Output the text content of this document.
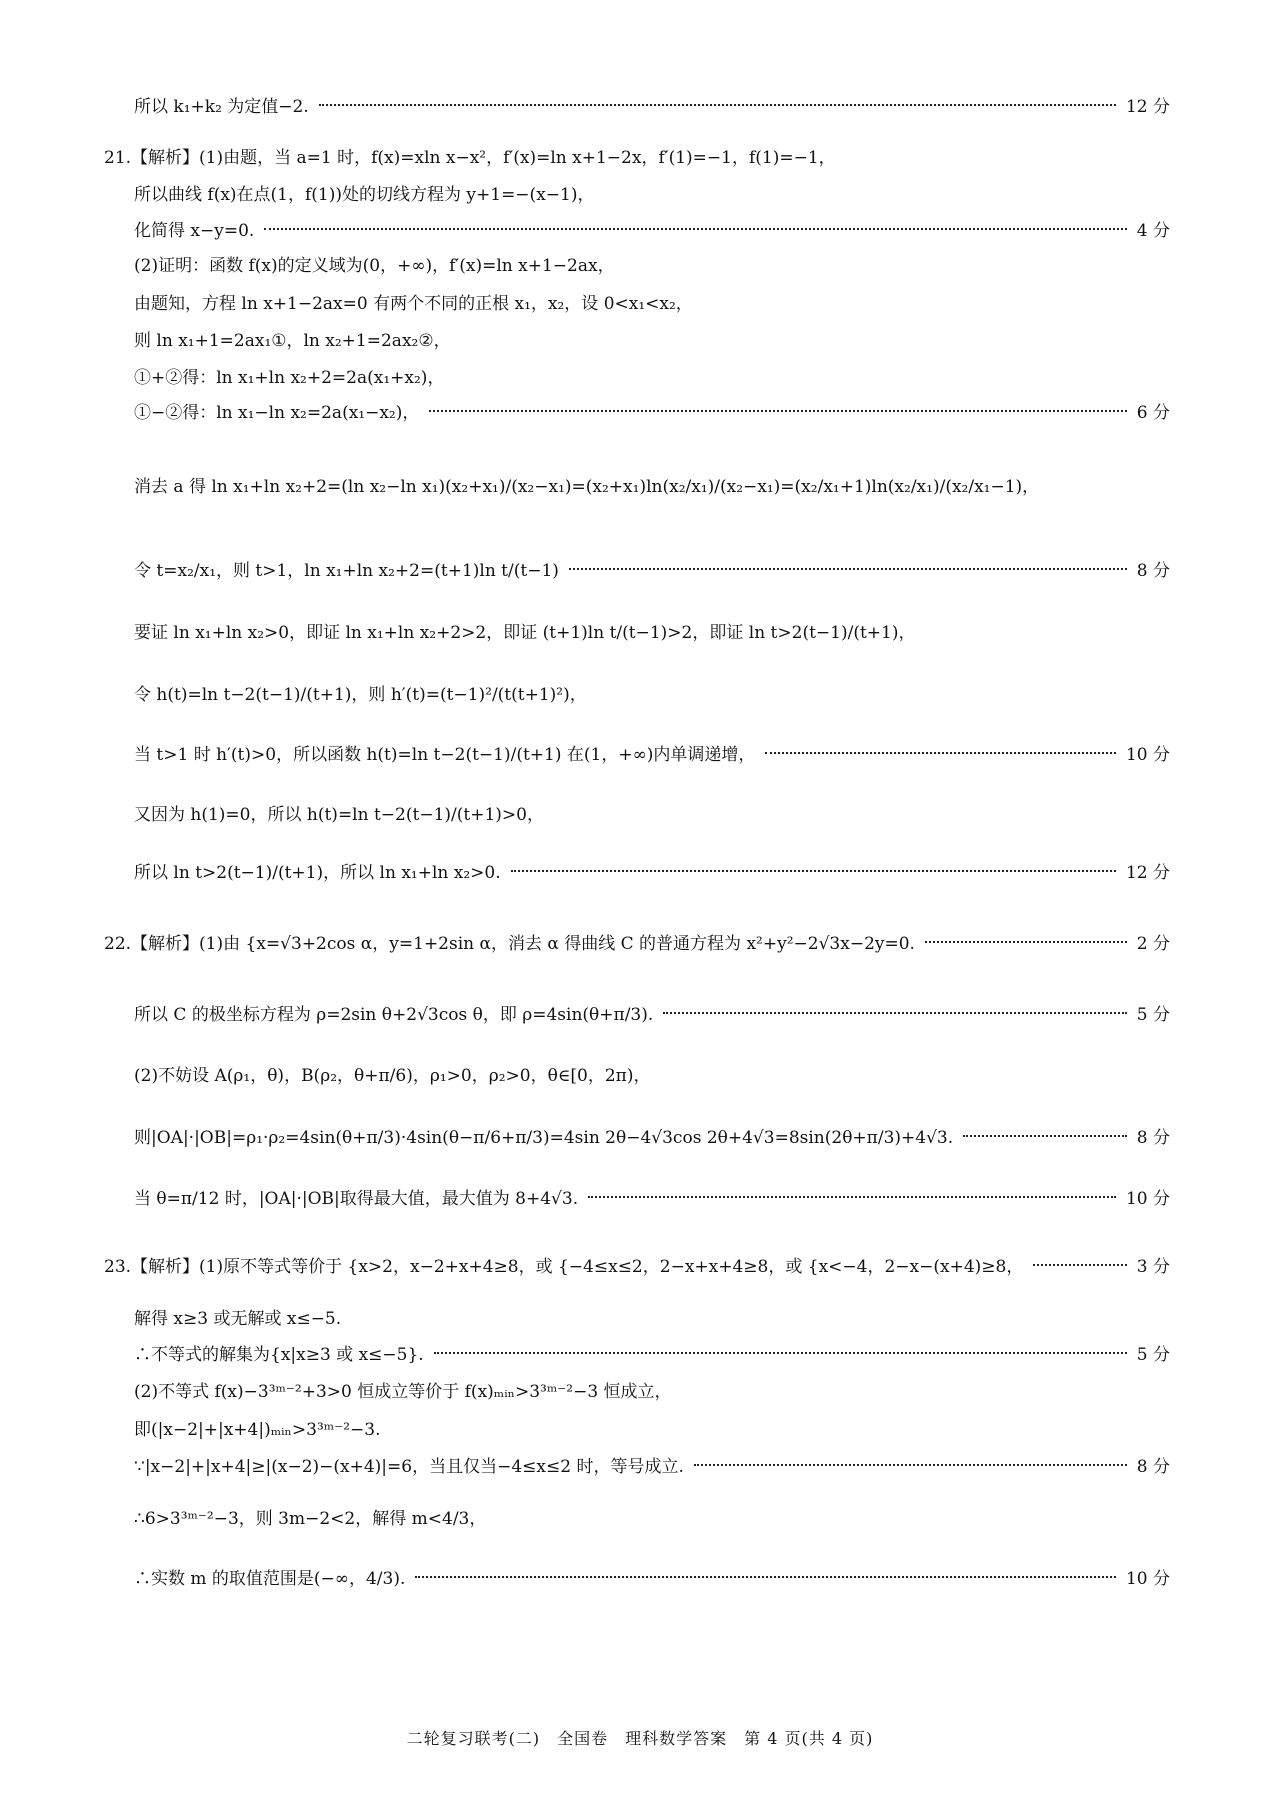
所以 k₁+k₂ 为定值−2.	12 分
21.【解析】(1)由题，当 a=1 时，f(x)=xln x−x²，f′(x)=ln x+1−2x，f′(1)=−1，f(1)=−1，
所以曲线 f(x)在点(1，f(1))处的切线方程为 y+1=−(x−1)，
化简得 x−y=0.	4 分
(2)证明：函数 f(x)的定义域为(0，+∞)，f′(x)=ln x+1−2ax，
由题知，方程 ln x+1−2ax=0 有两个不同的正根 x₁，x₂，设 0<x₁<x₂，
则 ln x₁+1=2ax₁①，ln x₂+1=2ax₂②，
①+②得：ln x₁+ln x₂+2=2a(x₁+x₂)，
①−②得：ln x₁−ln x₂=2a(x₁−x₂)，	6 分
消去 a 得 ln x₁+ln x₂+2=(ln x₂−ln x₁)(x₂+x₁)/(x₂−x₁)=(x₂+x₁)ln(x₂/x₁)/(x₂−x₁)=(x₂/x₁+1)ln(x₂/x₁)/(x₂/x₁−1)，
令 t=x₂/x₁，则 t>1，ln x₁+ln x₂+2=(t+1)ln t/(t−1)	8 分
要证 ln x₁+ln x₂>0，即证 ln x₁+ln x₂+2>2，即证 (t+1)ln t/(t−1)>2，即证 ln t>2(t−1)/(t+1)，
令 h(t)=ln t−2(t−1)/(t+1)，则 h′(t)=(t−1)²/(t(t+1)²)，
当 t>1 时 h′(t)>0，所以函数 h(t)=ln t−2(t−1)/(t+1) 在(1，+∞)内单调递增，	10 分
又因为 h(1)=0，所以 h(t)=ln t−2(t−1)/(t+1)>0，
所以 ln t>2(t−1)/(t+1)，所以 ln x₁+ln x₂>0.	12 分
22.【解析】(1)由 {x=√3+2cos α，y=1+2sin α，消去 α 得曲线 C 的普通方程为 x²+y²−2√3x−2y=0.	2 分
所以 C 的极坐标方程为 ρ=2sin θ+2√3cos θ，即 ρ=4sin(θ+π/3).	5 分
(2)不妨设 A(ρ₁，θ)，B(ρ₂，θ+π/6)，ρ₁>0，ρ₂>0，θ∈[0，2π)，
则|OA|·|OB|=ρ₁·ρ₂=4sin(θ+π/3)·4sin(θ−π/6+π/3)=4sin 2θ−4√3cos 2θ+4√3=8sin(2θ+π/3)+4√3.	8 分
当 θ=π/12 时，|OA|·|OB|取得最大值，最大值为 8+4√3.	10 分
23.【解析】(1)原不等式等价于 {x>2，x−2+x+4≥8，或 {−4≤x≤2，2−x+x+4≥8，或 {x<−4，2−x−(x+4)≥8，	3 分
解得 x≥3 或无解或 x≤−5.
∴不等式的解集为{x|x≥3 或 x≤−5}.	5 分
(2)不等式 f(x)−3³ᵐ⁻²+3>0 恒成立等价于 f(x)ₘᵢₙ>3³ᵐ⁻²−3 恒成立，
即(|x−2|+|x+4|)ₘᵢₙ>3³ᵐ⁻²−3.
∵|x−2|+|x+4|≥|(x−2)−(x+4)|=6，当且仅当−4≤x≤2 时，等号成立.	8 分
∴6>3³ᵐ⁻²−3，则 3m−2<2，解得 m<4/3，
∴实数 m 的取值范围是(−∞，4/3).	10 分
二轮复习联考(二)　全国卷　理科数学答案　第 4 页(共 4 页)
